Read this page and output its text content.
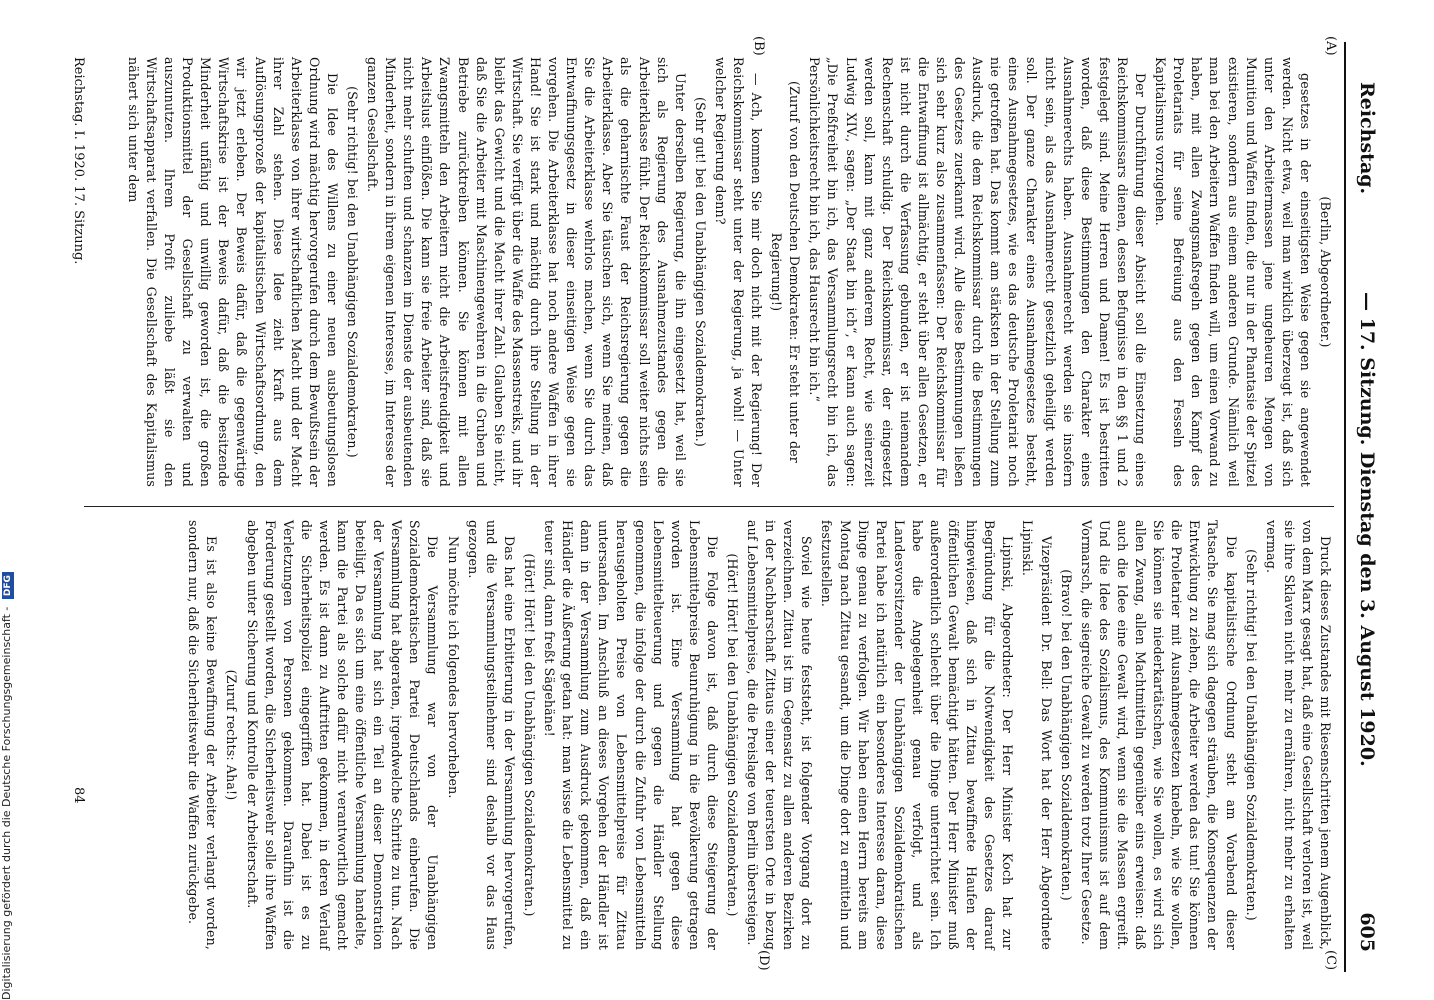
Reichstag.
— 17. Sitzung. Dienstag den 3. August 1920.
605
(A)
(B)
(C)
(D)

(Berlin, Abgeordneter.)

gesetzes in der einseitigsten Weise gegen sie angewendet werden. Nicht etwa, weil man wirklich überzeugt ist, daß sich unter den Arbeitermassen jene ungeheuren Mengen von Munition und Waffen finden, die nur in der Phantasie der Spitzel existieren, sondern aus einem anderen Grunde. Nämlich weil man bei den Arbeitern Waffen finden will, um einen Vorwand zu haben, mit allen Zwangsmaßregeln gegen den Kampf des Proletariats für seine Befreiung aus den Fesseln des Kapitalismus vorzugehen.

Der Durchführung dieser Absicht soll die Einsetzung eines Reichskommissars dienen, dessen Befugnisse in den §§ 1 und 2 festgelegt sind. Meine Herren und Damen! Es ist bestritten worden, daß diese Bestimmungen den Charakter eines Ausnahmerechts haben. Ausnahmerecht werden sie insofern nicht sein, als das Ausnahmerecht gesetzlich geheiligt werden soll. Der ganze Charakter eines Ausnahmegesetzes besteht, eines Ausnahmegesetzes, wie es das deutsche Proletariat noch nie getroffen hat. Das kommt am stärksten in der Stellung zum Ausdruck, die dem Reichskommissar durch die Bestimmungen des Gesetzes zuerkannt wird. Alle diese Bestimmungen ließen sich sehr kurz also zusammenfassen: Der Reichskommissar für die Entwaffnung ist allmächtig, er steht über allen Gesetzen, er ist nicht durch die Verfassung gebunden, er ist niemandem Rechenschaft schuldig. Der Reichskommissar, der eingesetzt werden soll, kann mit ganz anderem Recht, wie seinerzeit Ludwig XIV., sagen: „Der Staat bin ich“, er kann auch sagen: „Die Preßfreiheit bin ich, das Versammlungsrecht bin ich, das Persönlichkeitsrecht bin ich, das Hausrecht bin ich.“

(Zuruf von den Deutschen Demokraten: Er steht unter der Regierung!)

— Ach, kommen Sie mir doch nicht mit der Regierung! Der Reichskommissar steht unter der Regierung, ja wohl! — Unter welcher Regierung denn?

(Sehr gut! bei den Unabhängigen Sozialdemokraten.)

Unter derselben Regierung, die ihn eingesetzt hat, weil sie sich als Regierung des Ausnahmezustandes gegen die Arbeiterklasse fühlt. Der Reichskommissar soll weiter nichts sein als die geharnischte Faust der Reichsregierung gegen die Arbeiterklasse. Aber Sie täuschen sich, wenn Sie meinen, daß Sie die Arbeiterklasse wehrlos machen, wenn Sie durch das Entwaffnungsgesetz in dieser einseitigen Weise gegen sie vorgehen. Die Arbeiterklasse hat noch andere Waffen in ihrer Hand! Sie ist stark und mächtig durch ihre Stellung in der Wirtschaft. Sie verfügt über die Waffe des Massenstreiks, und ihr bleibt das Gewicht und die Macht ihrer Zahl. Glauben Sie nicht, daß Sie die Arbeiter mit Maschinengewehren in die Gruben und Betriebe zurücktreiben können. Sie können mit allen Zwangsmitteln den Arbeitern nicht die Arbeitsfreudigkeit und Arbeitslust einflößen. Die kann sie freie Arbeiter sind, daß sie nicht mehr schuften und schanzen im Dienste der ausbeutenden Minderheit, sondern in ihrem eigenen Interesse, im Interesse der ganzen Gesellschaft.

(Sehr richtig! bei den Unabhängigen Sozialdemokraten.)

Die Idee des Willens zu einer neuen ausbeutungslosen Ordnung wird mächtig hervorgerufen durch dem Bewußtsein der Arbeiterklasse von ihrer wirtschaftlichen Macht und der Macht ihrer Zahl stehen. Diese Idee zieht Kraft aus dem Auflösungsprozeß der kapitalistischen Wirtschaftsordnung, den wir jetzt erleben. Der Beweis dafür, daß die gegenwärtige Wirtschaftskrise ist der Beweis dafür, daß die besitzende Minderheit unfähig und unwillig geworden ist, die großen Produktionsmittel der Gesellschaft zu verwalten und auszunutzen. Ihrem Profit zuliebe läßt sie den Wirtschaftsapparat verfallen. Die Gesellschaft des Kapitalismus nähert sich unter dem

Druck dieses Zustandes mit Riesenschritten jenem Augenblick, von dem Marx gesagt hat, daß eine Gesellschaft verloren ist, weil sie ihre Sklaven nicht mehr zu ernähren, nicht mehr zu erhalten vermag.

(Sehr richtig! bei den Unabhängigen Sozialdemokraten.)

Die kapitalistische Ordnung steht am Vorabend dieser Tatsache. Sie mag sich dagegen sträuben, die Konsequenzen der Entwicklung zu ziehen, die Arbeiter werden das tun! Sie können die Proletarier mit Ausnahmegesetzen knebeln, wie Sie wollen, Sie können sie niederkartätschen, wie Sie wollen, es wird sich allen Zwang, allen Machtmitteln gegenüber eins erweisen: daß auch die Idee eine Gewalt wird, wenn sie die Massen ergreift. Und die Idee des Sozialismus, des Kommunismus ist auf dem Vormarsch, die siegreiche Gewalt zu werden trotz Ihrer Gesetze.

(Bravo! bei den Unabhängigen Sozialdemokraten.)

Vizepräsident Dr. Bell: Das Wort hat der Herr Abgeordnete Lipinski.

Lipinski, Abgeordneter: Der Herr Minister Koch hat zur Begründung für die Notwendigkeit des Gesetzes darauf hingewiesen, daß sich in Zittau bewaffnete Haufen der öffentlichen Gewalt bemächtigt hätten. Der Herr Minister muß außerordentlich schlecht über die Dinge unterrichtet sein. Ich habe die Angelegenheit genau verfolgt, und als Landesvorsitzender der Unabhängigen Sozialdemokratischen Partei habe ich natürlich ein besonderes Interesse daran, diese Dinge genau zu verfolgen. Wir haben einen Herrn bereits am Montag nach Zittau gesandt, um die Dinge dort zu ermitteln und festzustellen.

Soviel wie heute feststeht, ist folgender Vorgang dort zu verzeichnen. Zittau ist im Gegensatz zu allen anderen Bezirken in der Nachbarschaft Zittaus einer der teuersten Orte in bezug auf Lebensmittelpreise, die die Preislage von Berlin übersteigen.

(Hört! Hört! bei den Unabhängigen Sozialdemokraten.)

Die Folge davon ist, daß durch diese Steigerung der Lebensmittelpreise Beunruhigung in die Bevölkerung getragen worden ist. Eine Versammlung hat gegen diese Lebensmittelteuerung und gegen die Händler Stellung genommen, die infolge der durch die Zufuhr von Lebensmitteln herausgeholten Preise von Lebensmittelpreise für Zittau untersanden. Im Anschluß an dieses Vorgehen der Händler ist dann in der Versammlung zum Ausdruck gekommen, daß ein Händler die Äußerung getan hat: man wisse die Lebensmittel zu teuer sind, dann freßt Sägehäne!

(Hört! Hört! bei den Unabhängigen Sozialdemokraten.)

Das hat eine Erbitterung in der Versammlung hervorgerufen, und die Versammlungsteilnehmer sind deshalb vor das Haus gezogen.

Nun möchte ich folgendes hervorheben.

Die Versammlung war von der Unabhängigen Sozialdemokratischen Partei Deutschlands einberufen. Die Versammlung hat abgeraten, irgendwelche Schritte zu tun. Nach der Versammlung hat sich ein Teil an dieser Demonstration beteiligt. Da es sich um eine öffentliche Versammlung handelte, kann die Partei als solche dafür nicht verantwortlich gemacht werden. Es ist dann zu Auftritten gekommen, in deren Verlauf die Sicherheitspolizei eingegriffen hat. Dabei ist es zu Verletzungen von Personen gekommen. Daraufhin ist die Forderung gestellt worden, die Sicherheitswehr solle ihre Waffen abgeben unter Sicherung und Kontrolle der Arbeiterschaft.

(Zuruf rechts: Aha!)

Es ist also keine Bewaffnung der Arbeiter verlangt worden, sondern nur, daß die Sicherheitswehr die Waffen zurückgebe.

Reichstag. I. 1920. 17. Sitzung.
84
Digitalisierung gefördert durch die Deutsche Forschungsgemeinschaft - DFG
